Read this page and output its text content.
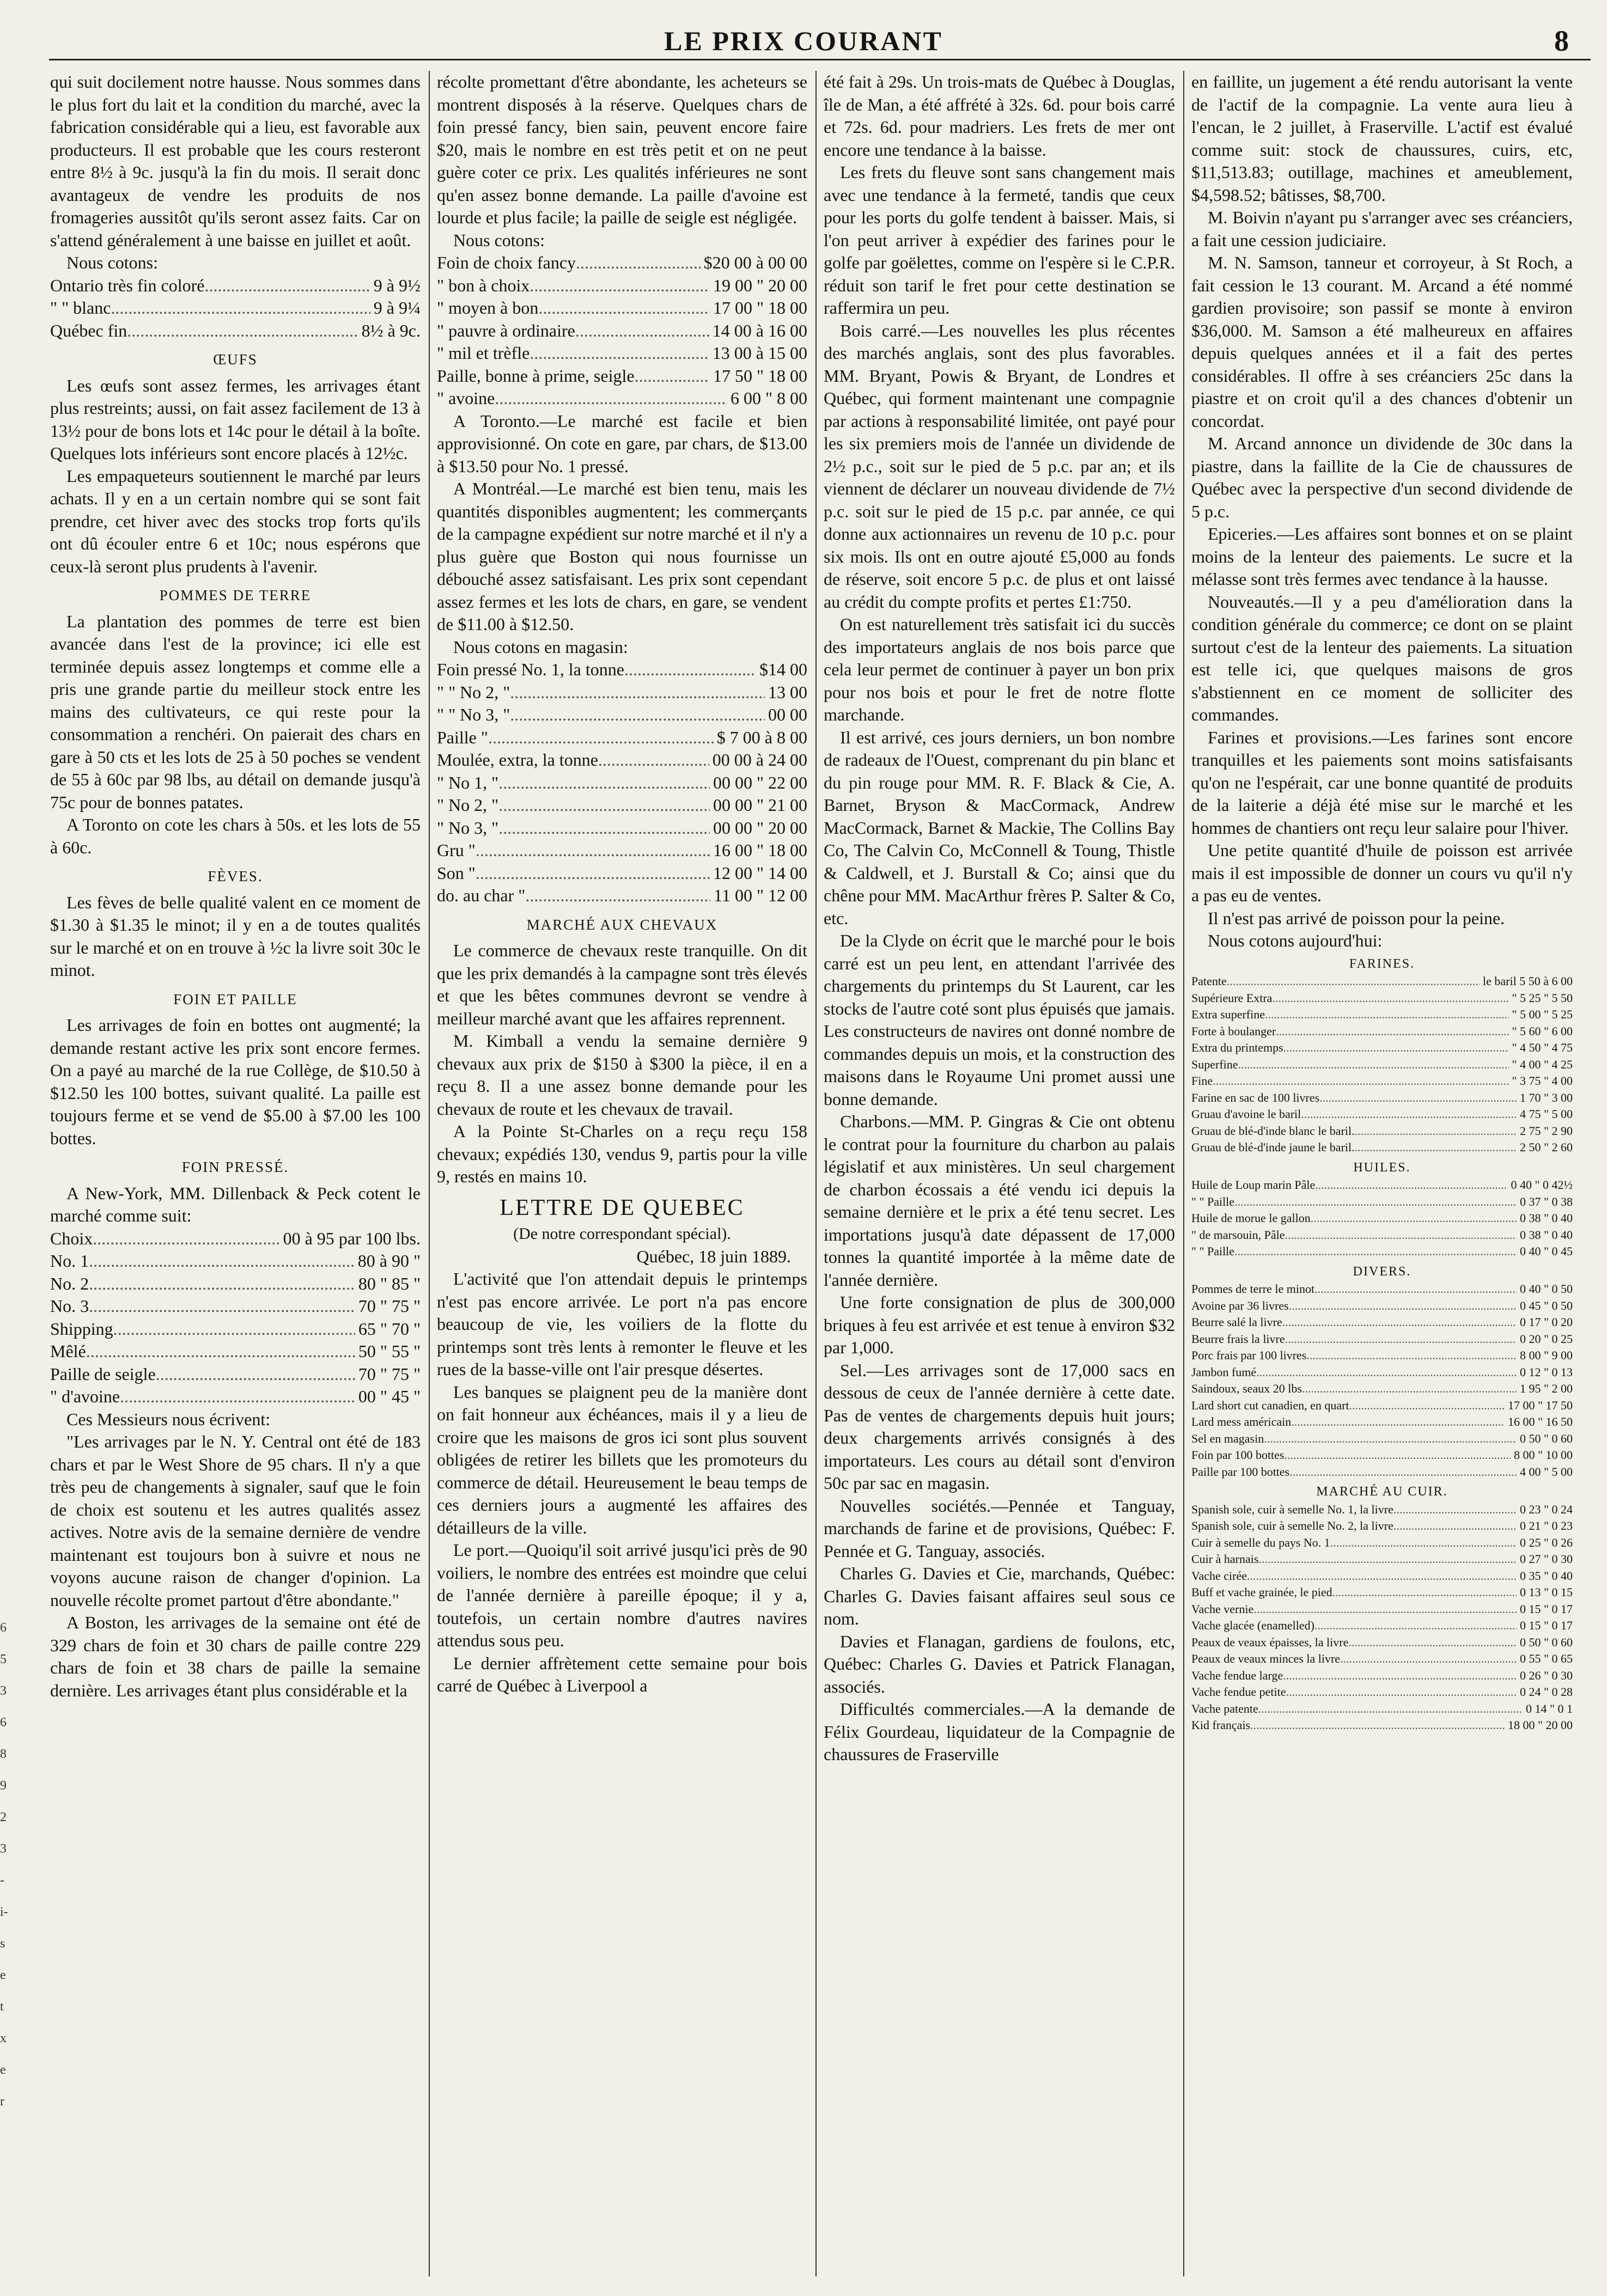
LE PRIX COURANT	8

qui suit docilement notre hausse. Nous sommes dans le plus fort du lait et la condition du marché, avec la fabrication considérable qui a lieu, est favorable aux producteurs. Il est probable que les cours resteront entre 8½ à 9c. jusqu'à la fin du mois. Il serait donc avantageux de vendre les produits de nos fromageries aussitôt qu'ils seront assez faits. Car on s'attend généralement à une baisse en juillet et août.

Nous cotons:

Ontario très fin coloré .....	9 à 9½
" " blanc .....	9 à 9¼
Québec fin .....	8½ à 9c.
ŒUFS

Les œufs sont assez fermes, les arrivages étant plus restreints; aussi, on fait assez facilement de 13 à 13½ pour de bons lots et 14c pour le détail à la boîte. Quelques lots inférieurs sont encore placés à 12½c.

Les empaqueteurs soutiennent le marché par leurs achats. Il y en a un certain nombre qui se sont fait prendre, cet hiver avec des stocks trop forts qu'ils ont dû écouler entre 6 et 10c; nous espérons que ceux-là seront plus prudents à l'avenir.

POMMES DE TERRE

La plantation des pommes de terre est bien avancée dans l'est de la province; ici elle est terminée depuis assez longtemps et comme elle a pris une grande partie du meilleur stock entre les mains des cultivateurs, ce qui reste pour la consommation a renchéri. On paierait des chars en gare à 50 cts et les lots de 25 à 50 poches se vendent de 55 à 60c par 98 lbs, au détail on demande jusqu'à 75c pour de bonnes patates.

A Toronto on cote les chars à 50s. et les lots de 55 à 60c.

FÈVES.

Les fèves de belle qualité valent en ce moment de $1.30 à $1.35 le minot; il y en a de toutes qualités sur le marché et on en trouve à ½c la livre soit 30c le minot.

FOIN ET PAILLE

Les arrivages de foin en bottes ont augmenté; la demande restant active les prix sont encore fermes. On a payé au marché de la rue Collège, de $10.50 à $12.50 les 100 bottes, suivant qualité. La paille est toujours ferme et se vend de $5.00 à $7.00 les 100 bottes.

FOIN PRESSÉ.

A New-York, MM. Dillenback & Peck cotent le marché comme suit:

Choix .....	00 à 95 par 100 lbs.
No. 1 .....	80 à 90 "
No. 2 .....	80 " 85 "
No. 3 .....	70 " 75 "
Shipping .....	65 " 70 "
Mêlé .....	50 " 55 "
Paille de seigle .....	70 " 75 "
" d'avoine .....	00 " 45 "

Ces Messieurs nous écrivent:

"Les arrivages par le N. Y. Central ont été de 183 chars et par le West Shore de 95 chars. Il n'y a que très peu de changements à signaler, sauf que le foin de choix est soutenu et les autres qualités assez actives. Notre avis de la semaine dernière de vendre maintenant est toujours bon à suivre et nous ne voyons aucune raison de changer d'opinion. La nouvelle récolte promet partout d'être abondante."

A Boston, les arrivages de la semaine ont été de 329 chars de foin et 30 chars de paille contre 229 chars de foin et 38 chars de paille la semaine dernière. Les arrivages étant plus considérable et la

récolte promettant d'être abondante, les acheteurs se montrent disposés à la réserve. Quelques chars de foin pressé fancy, bien sain, peuvent encore faire $20, mais le nombre en est très petit et on ne peut guère coter ce prix. Les qualités inférieures ne sont qu'en assez bonne demande. La paille d'avoine est lourde et plus facile; la paille de seigle est négligée.

Nous cotons:

Foin de choix fancy .....	$20 00 à 00 00
" bon à choix .....	19 00 " 20 00
" moyen à bon .....	17 00 " 18 00
" pauvre à ordinaire .....	14 00 à 16 00
" mil et trèfle .....	13 00 à 15 00
Paille, bonne à prime, seigle .....	17 50 " 18 00
" avoine .....	6 00 " 8 00

A Toronto.—Le marché est facile et bien approvisionné. On cote en gare, par chars, de $13.00 à $13.50 pour No. 1 pressé.

A Montréal.—Le marché est bien tenu, mais les quantités disponibles augmentent; les commerçants de la campagne expédient sur notre marché et il n'y a plus guère que Boston qui nous fournisse un débouché assez satisfaisant. Les prix sont cependant assez fermes et les lots de chars, en gare, se vendent de $11.00 à $12.50.

Nous cotons en magasin:

Foin pressé No. 1, la tonne .....	$14 00
" " No 2, " .....	13 00
" " No 3, " .....	00 00
Paille " .....	$ 7 00 à 8 00
Moulée, extra, la tonne .....	00 00 à 24 00
" No 1, " .....	00 00 " 22 00
" No 2, " .....	00 00 " 21 00
" No 3, " .....	00 00 " 20 00
Gru " .....	16 00 " 18 00
Son " .....	12 00 " 14 00
do. au char " .....	11 00 " 12 00
MARCHÉ AUX CHEVAUX

Le commerce de chevaux reste tranquille. On dit que les prix demandés à la campagne sont très élevés et que les bêtes communes devront se vendre à meilleur marché avant que les affaires reprennent.

M. Kimball a vendu la semaine dernière 9 chevaux aux prix de $150 à $300 la pièce, il en a reçu 8. Il a une assez bonne demande pour les chevaux de route et les chevaux de travail.

A la Pointe St-Charles on a reçu reçu 158 chevaux; expédiés 130, vendus 9, partis pour la ville 9, restés en mains 10.

LETTRE DE QUEBEC
(De notre correspondant spécial).
Québec, 18 juin 1889.

L'activité que l'on attendait depuis le printemps n'est pas encore arrivée. Le port n'a pas encore beaucoup de vie, les voiliers de la flotte du printemps sont très lents à remonter le fleuve et les rues de la basse-ville ont l'air presque désertes.

Les banques se plaignent peu de la manière dont on fait honneur aux échéances, mais il y a lieu de croire que les maisons de gros ici sont plus souvent obligées de retirer les billets que les promoteurs du commerce de détail. Heureusement le beau temps de ces derniers jours a augmenté les affaires des détailleurs de la ville.

Le port.—Quoiqu'il soit arrivé jusqu'ici près de 90 voiliers, le nombre des entrées est moindre que celui de l'année dernière à pareille époque; il y a, toutefois, un certain nombre d'autres navires attendus sous peu.

Le dernier affrètement cette semaine pour bois carré de Québec à Liverpool a

été fait à 29s. Un trois-mats de Québec à Douglas, île de Man, a été affrété à 32s. 6d. pour bois carré et 72s. 6d. pour madriers. Les frets de mer ont encore une tendance à la baisse.

Les frets du fleuve sont sans changement mais avec une tendance à la fermeté, tandis que ceux pour les ports du golfe tendent à baisser. Mais, si l'on peut arriver à expédier des farines pour le golfe par goëlettes, comme on l'espère si le C.P.R. réduit son tarif le fret pour cette destination se raffermira un peu.

Bois carré.—Les nouvelles les plus récentes des marchés anglais, sont des plus favorables. MM. Bryant, Powis & Bryant, de Londres et Québec, qui forment maintenant une compagnie par actions à responsabilité limitée, ont payé pour les six premiers mois de l'année un dividende de 2½ p.c., soit sur le pied de 5 p.c. par an; et ils viennent de déclarer un nouveau dividende de 7½ p.c. soit sur le pied de 15 p.c. par année, ce qui donne aux actionnaires un revenu de 10 p.c. pour six mois. Ils ont en outre ajouté £5,000 au fonds de réserve, soit encore 5 p.c. de plus et ont laissé au crédit du compte profits et pertes £1:750.

On est naturellement très satisfait ici du succès des importateurs anglais de nos bois parce que cela leur permet de continuer à payer un bon prix pour nos bois et pour le fret de notre flotte marchande.

Il est arrivé, ces jours derniers, un bon nombre de radeaux de l'Ouest, comprenant du pin blanc et du pin rouge pour MM. R. F. Black & Cie, A. Barnet, Bryson & MacCormack, Andrew MacCormack, Barnet & Mackie, The Collins Bay Co, The Calvin Co, McConnell & Toung, Thistle & Caldwell, et J. Burstall & Co; ainsi que du chêne pour MM. MacArthur frères P. Salter & Co, etc.

De la Clyde on écrit que le marché pour le bois carré est un peu lent, en attendant l'arrivée des chargements du printemps du St Laurent, car les stocks de l'autre coté sont plus épuisés que jamais. Les constructeurs de navires ont donné nombre de commandes depuis un mois, et la construction des maisons dans le Royaume Uni promet aussi une bonne demande.

Charbons.—MM. P. Gingras & Cie ont obtenu le contrat pour la fourniture du charbon au palais législatif et aux ministères. Un seul chargement de charbon écossais a été vendu ici depuis la semaine dernière et le prix a été tenu secret. Les importations jusqu'à date dépassent de 17,000 tonnes la quantité importée à la même date de l'année dernière.

Une forte consignation de plus de 300,000 briques à feu est arrivée et est tenue à environ $32 par 1,000.

Sel.—Les arrivages sont de 17,000 sacs en dessous de ceux de l'année dernière à cette date. Pas de ventes de chargements depuis huit jours; deux chargements arrivés consignés à des importateurs. Les cours au détail sont d'environ 50c par sac en magasin.

Nouvelles sociétés.—Pennée et Tanguay, marchands de farine et de provisions, Québec: F. Pennée et G. Tanguay, associés.

Charles G. Davies et Cie, marchands, Québec: Charles G. Davies faisant affaires seul sous ce nom.

Davies et Flanagan, gardiens de foulons, etc, Québec: Charles G. Davies et Patrick Flanagan, associés.

Difficultés commerciales.—A la demande de Félix Gourdeau, liquidateur de la Compagnie de chaussures de Fraserville

en faillite, un jugement a été rendu autorisant la vente de l'actif de la compagnie. La vente aura lieu à l'encan, le 2 juillet, à Fraserville. L'actif est évalué comme suit: stock de chaussures, cuirs, etc, $11,513.83; outillage, machines et ameublement, $4,598.52; bâtisses, $8,700.

M. Boivin n'ayant pu s'arranger avec ses créanciers, a fait une cession judiciaire.

M. N. Samson, tanneur et corroyeur, à St Roch, a fait cession le 13 courant. M. Arcand a été nommé gardien provisoire; son passif se monte à environ $36,000. M. Samson a été malheureux en affaires depuis quelques années et il a fait des pertes considérables. Il offre à ses créanciers 25c dans la piastre et on croit qu'il a des chances d'obtenir un concordat.

M. Arcand annonce un dividende de 30c dans la piastre, dans la faillite de la Cie de chaussures de Québec avec la perspective d'un second dividende de 5 p.c.

Epiceries.—Les affaires sont bonnes et on se plaint moins de la lenteur des paiements. Le sucre et la mélasse sont très fermes avec tendance à la hausse.

Nouveautés.—Il y a peu d'amélioration dans la condition générale du commerce; ce dont on se plaint surtout c'est de la lenteur des paiements. La situation est telle ici, que quelques maisons de gros s'abstiennent en ce moment de solliciter des commandes.

Farines et provisions.—Les farines sont encore tranquilles et les paiements sont moins satisfaisants qu'on ne l'espérait, car une bonne quantité de produits de la laiterie a déjà été mise sur le marché et les hommes de chantiers ont reçu leur salaire pour l'hiver.

Une petite quantité d'huile de poisson est arrivée mais il est impossible de donner un cours vu qu'il n'y a pas eu de ventes.

Il n'est pas arrivé de poisson pour la peine.

Nous cotons aujourd'hui:

FARINES.
Patente .....	le baril 5 50 à 6 00
Supérieure Extra .....	" 5 25 " 5 50
Extra superfine .....	" 5 00 " 5 25
Forte à boulanger .....	" 5 60 " 6 00
Extra du printemps .....	" 4 50 " 4 75
Superfine .....	" 4 00 " 4 25
Fine .....	" 3 75 " 4 00
Farine en sac de 100 livres .....	1 70 " 3 00
Gruau d'avoine le baril .....	4 75 " 5 00
Gruau de blé-d'inde blanc le baril. .....	2 75 " 2 90
Gruau de blé-d'inde jaune le baril. .....	2 50 " 2 60
HUILES.
Huile de Loup marin Pâle .....	0 40 " 0 42½
" " Paille .....	0 37 " 0 38
Huile de morue le gallon .....	0 38 " 0 40
" de marsouin, Pâle .....	0 38 " 0 40
" " Paille .....	0 40 " 0 45
DIVERS.
Pommes de terre le minot .....	0 40 " 0 50
Avoine par 36 livres .....	0 45 " 0 50
Beurre salé la livre .....	0 17 " 0 20
Beurre frais la livre .....	0 20 " 0 25
Porc frais par 100 livres .....	8 00 " 9 00
Jambon fumé .....	0 12 " 0 13
Saindoux, seaux 20 lbs .....	1 95 " 2 00
Lard short cut canadien, en quart .....	17 00 " 17 50
Lard mess américain .....	16 00 " 16 50
Sel en magasin .....	0 50 " 0 60
Foin par 100 bottes .....	8 00 " 10 00
Paille par 100 bottes .....	4 00 " 5 00
MARCHÉ AU CUIR.
Spanish sole, cuir à semelle No. 1, la livre .....	0 23 " 0 24
Spanish sole, cuir à semelle No. 2, la livre .....	0 21 " 0 23
Cuir à semelle du pays No. 1 .....	0 25 " 0 26
Cuir à harnais .....	0 27 " 0 30
Vache cirée .....	0 35 " 0 40
Buff et vache grainée, le pied .....	0 13 " 0 15
Vache vernie .....	0 15 " 0 17
Vache glacée (enamelled) .....	0 15 " 0 17
Peaux de veaux épaisses, la livre .....	0 50 " 0 60
Peaux de veaux minces la livre .....	0 55 " 0 65
Vache fendue large .....	0 26 " 0 30
Vache fendue petite .....	0 24 " 0 28
Vache patente .....	0 14 " 0 1
Kid français .....	18 00 " 20 00
6
5
3
6
8
9
2
3
-
i-
s
e
t
x
e
r
